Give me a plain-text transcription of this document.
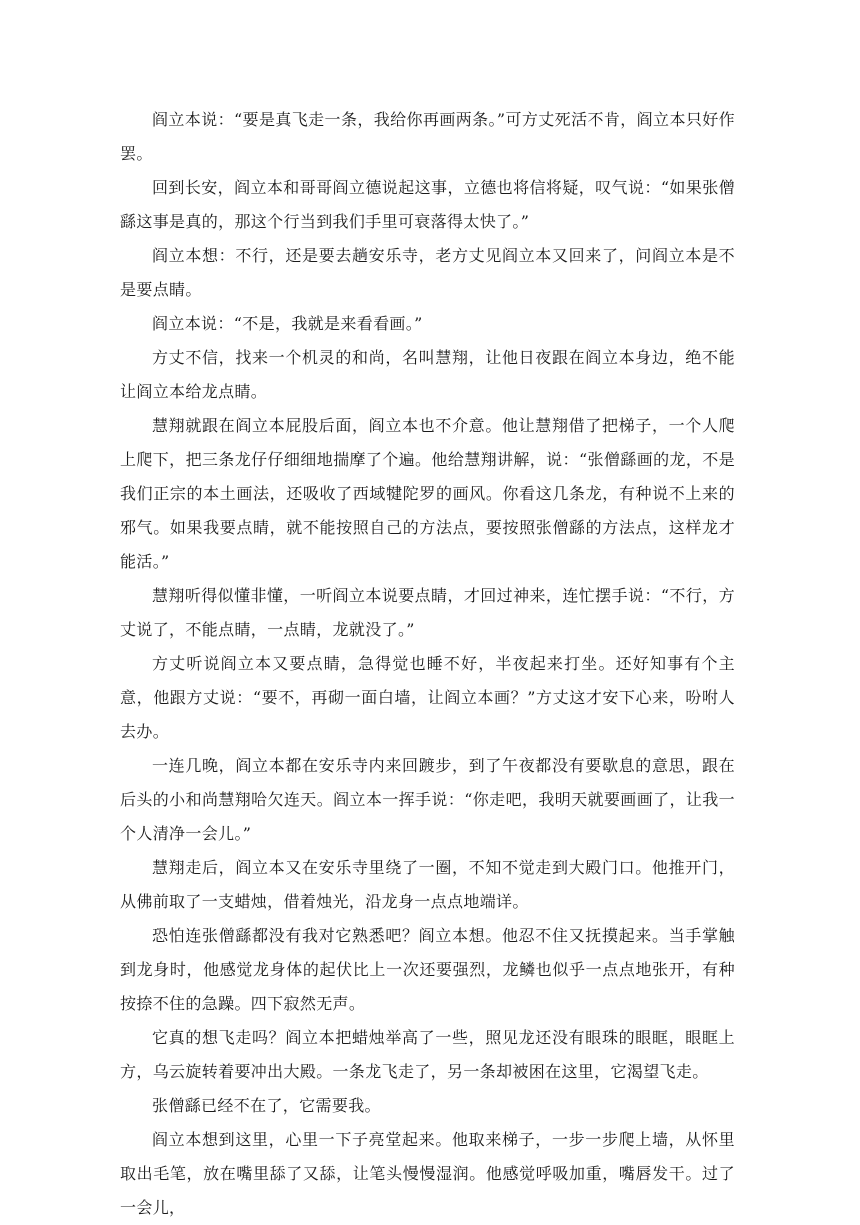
阎立本说：“要是真飞走一条，我给你再画两条。”可方丈死活不肯，阎立本只好作罢。

回到长安，阎立本和哥哥阎立德说起这事，立德也将信将疑，叹气说：“如果张僧繇这事是真的，那这个行当到我们手里可衰落得太快了。”

阎立本想：不行，还是要去趟安乐寺，老方丈见阎立本又回来了，问阎立本是不是要点睛。

阎立本说：“不是，我就是来看看画。”

方丈不信，找来一个机灵的和尚，名叫慧翔，让他日夜跟在阎立本身边，绝不能让阎立本给龙点睛。

慧翔就跟在阎立本屁股后面，阎立本也不介意。他让慧翔借了把梯子，一个人爬上爬下，把三条龙仔仔细细地揣摩了个遍。他给慧翔讲解，说：“张僧繇画的龙，不是我们正宗的本土画法，还吸收了西域犍陀罗的画风。你看这几条龙，有种说不上来的邪气。如果我要点睛，就不能按照自己的方法点，要按照张僧繇的方法点，这样龙才能活。”

慧翔听得似懂非懂，一听阎立本说要点睛，才回过神来，连忙摆手说：“不行，方丈说了，不能点睛，一点睛，龙就没了。”

方丈听说阎立本又要点睛，急得觉也睡不好，半夜起来打坐。还好知事有个主意，他跟方丈说：“要不，再砌一面白墙，让阎立本画？”方丈这才安下心来，吩咐人去办。

一连几晚，阎立本都在安乐寺内来回踱步，到了午夜都没有要歇息的意思，跟在后头的小和尚慧翔哈欠连天。阎立本一挥手说：“你走吧，我明天就要画画了，让我一个人清净一会儿。”

慧翔走后，阎立本又在安乐寺里绕了一圈，不知不觉走到大殿门口。他推开门，从佛前取了一支蜡烛，借着烛光，沿龙身一点点地端详。

恐怕连张僧繇都没有我对它熟悉吧？阎立本想。他忍不住又抚摸起来。当手掌触到龙身时，他感觉龙身体的起伏比上一次还要强烈，龙鳞也似乎一点点地张开，有种按捺不住的急躁。四下寂然无声。

它真的想飞走吗？阎立本把蜡烛举高了一些，照见龙还没有眼珠的眼眶，眼眶上方，乌云旋转着要冲出大殿。一条龙飞走了，另一条却被困在这里，它渴望飞走。

张僧繇已经不在了，它需要我。

阎立本想到这里，心里一下子亮堂起来。他取来梯子，一步一步爬上墙，从怀里取出毛笔，放在嘴里舔了又舔，让笔头慢慢湿润。他感觉呼吸加重，嘴唇发干。过了一会儿，
